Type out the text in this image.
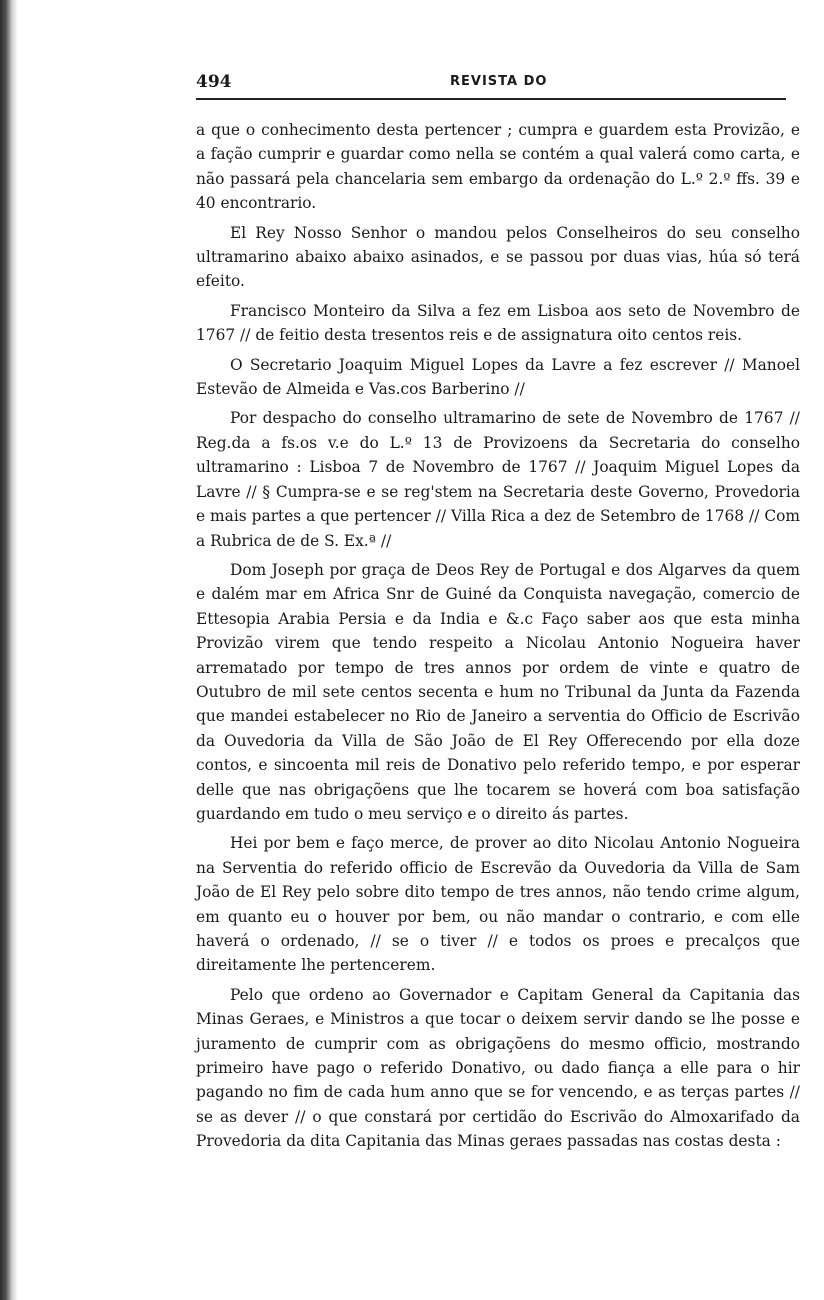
494	REVISTA DO

a que o conhecimento desta pertencer ; cumpra e guardem esta Provizão, e a fação cumprir e guardar como nella se contém a qual valerá como carta, e não passará pela chancelaria sem embargo da ordenação do L.º 2.º ffs. 39 e 40 encontrario.

El Rey Nosso Senhor o mandou pelos Conselheiros do seu conselho ultramarino abaixo abaixo asinados, e se passou por duas vias, húa só terá efeito.

Francisco Monteiro da Silva a fez em Lisboa aos seto de Novembro de 1767 // de feitio desta tresentos reis e de assignatura oito centos reis.

O Secretario Joaquim Miguel Lopes da Lavre a fez escrever // Manoel Estevão de Almeida e Vas.cos Barberino //

Por despacho do conselho ultramarino de sete de Novembro de 1767 // Reg.da a fs.os v.e do L.º 13 de Provizoens da Secretaria do conselho ultramarino : Lisboa 7 de Novembro de 1767 // Joaquim Miguel Lopes da Lavre // § Cumpra-se e se reg'stem na Secretaria deste Governo, Provedoria e mais partes a que pertencer // Villa Rica a dez de Setembro de 1768 // Com a Rubrica de de S. Ex.ª //

Dom Joseph por graça de Deos Rey de Portugal e dos Algarves da quem e dalém mar em Africa Snr de Guiné da Conquista navegação, comercio de Ettesopia Arabia Persia e da India e &.c Faço saber aos que esta minha Provizão virem que tendo respeito a Nicolau Antonio Nogueira haver arrematado por tempo de tres annos por ordem de vinte e quatro de Outubro de mil sete centos secenta e hum no Tribunal da Junta da Fazenda que mandei estabelecer no Rio de Janeiro a serventia do Officio de Escrivão da Ouvedoria da Villa de São João de El Rey Offerecendo por ella doze contos, e sincoenta mil reis de Donativo pelo referido tempo, e por esperar delle que nas obrigaçõens que lhe tocarem se hoverá com boa satisfação guardando em tudo o meu serviço e o direito ás partes.

Hei por bem e faço merce, de prover ao dito Nicolau Antonio Nogueira na Serventia do referido officio de Escrevão da Ouvedoria da Villa de Sam João de El Rey pelo sobre dito tempo de tres annos, não tendo crime algum, em quanto eu o houver por bem, ou não mandar o contrario, e com elle haverá o ordenado, // se o tiver // e todos os proes e precalços que direitamente lhe pertencerem.

Pelo que ordeno ao Governador e Capitam General da Capitania das Minas Geraes, e Ministros a que tocar o deixem servir dando se lhe posse e juramento de cumprir com as obrigaçõens do mesmo officio, mostrando primeiro have pago o referido Donativo, ou dado fiança a elle para o hir pagando no fim de cada hum anno que se for vencendo, e as terças partes // se as dever // o que constará por certidão do Escrivão do Almoxarifado da Provedoria da dita Capitania das Minas geraes passadas nas costas desta :
